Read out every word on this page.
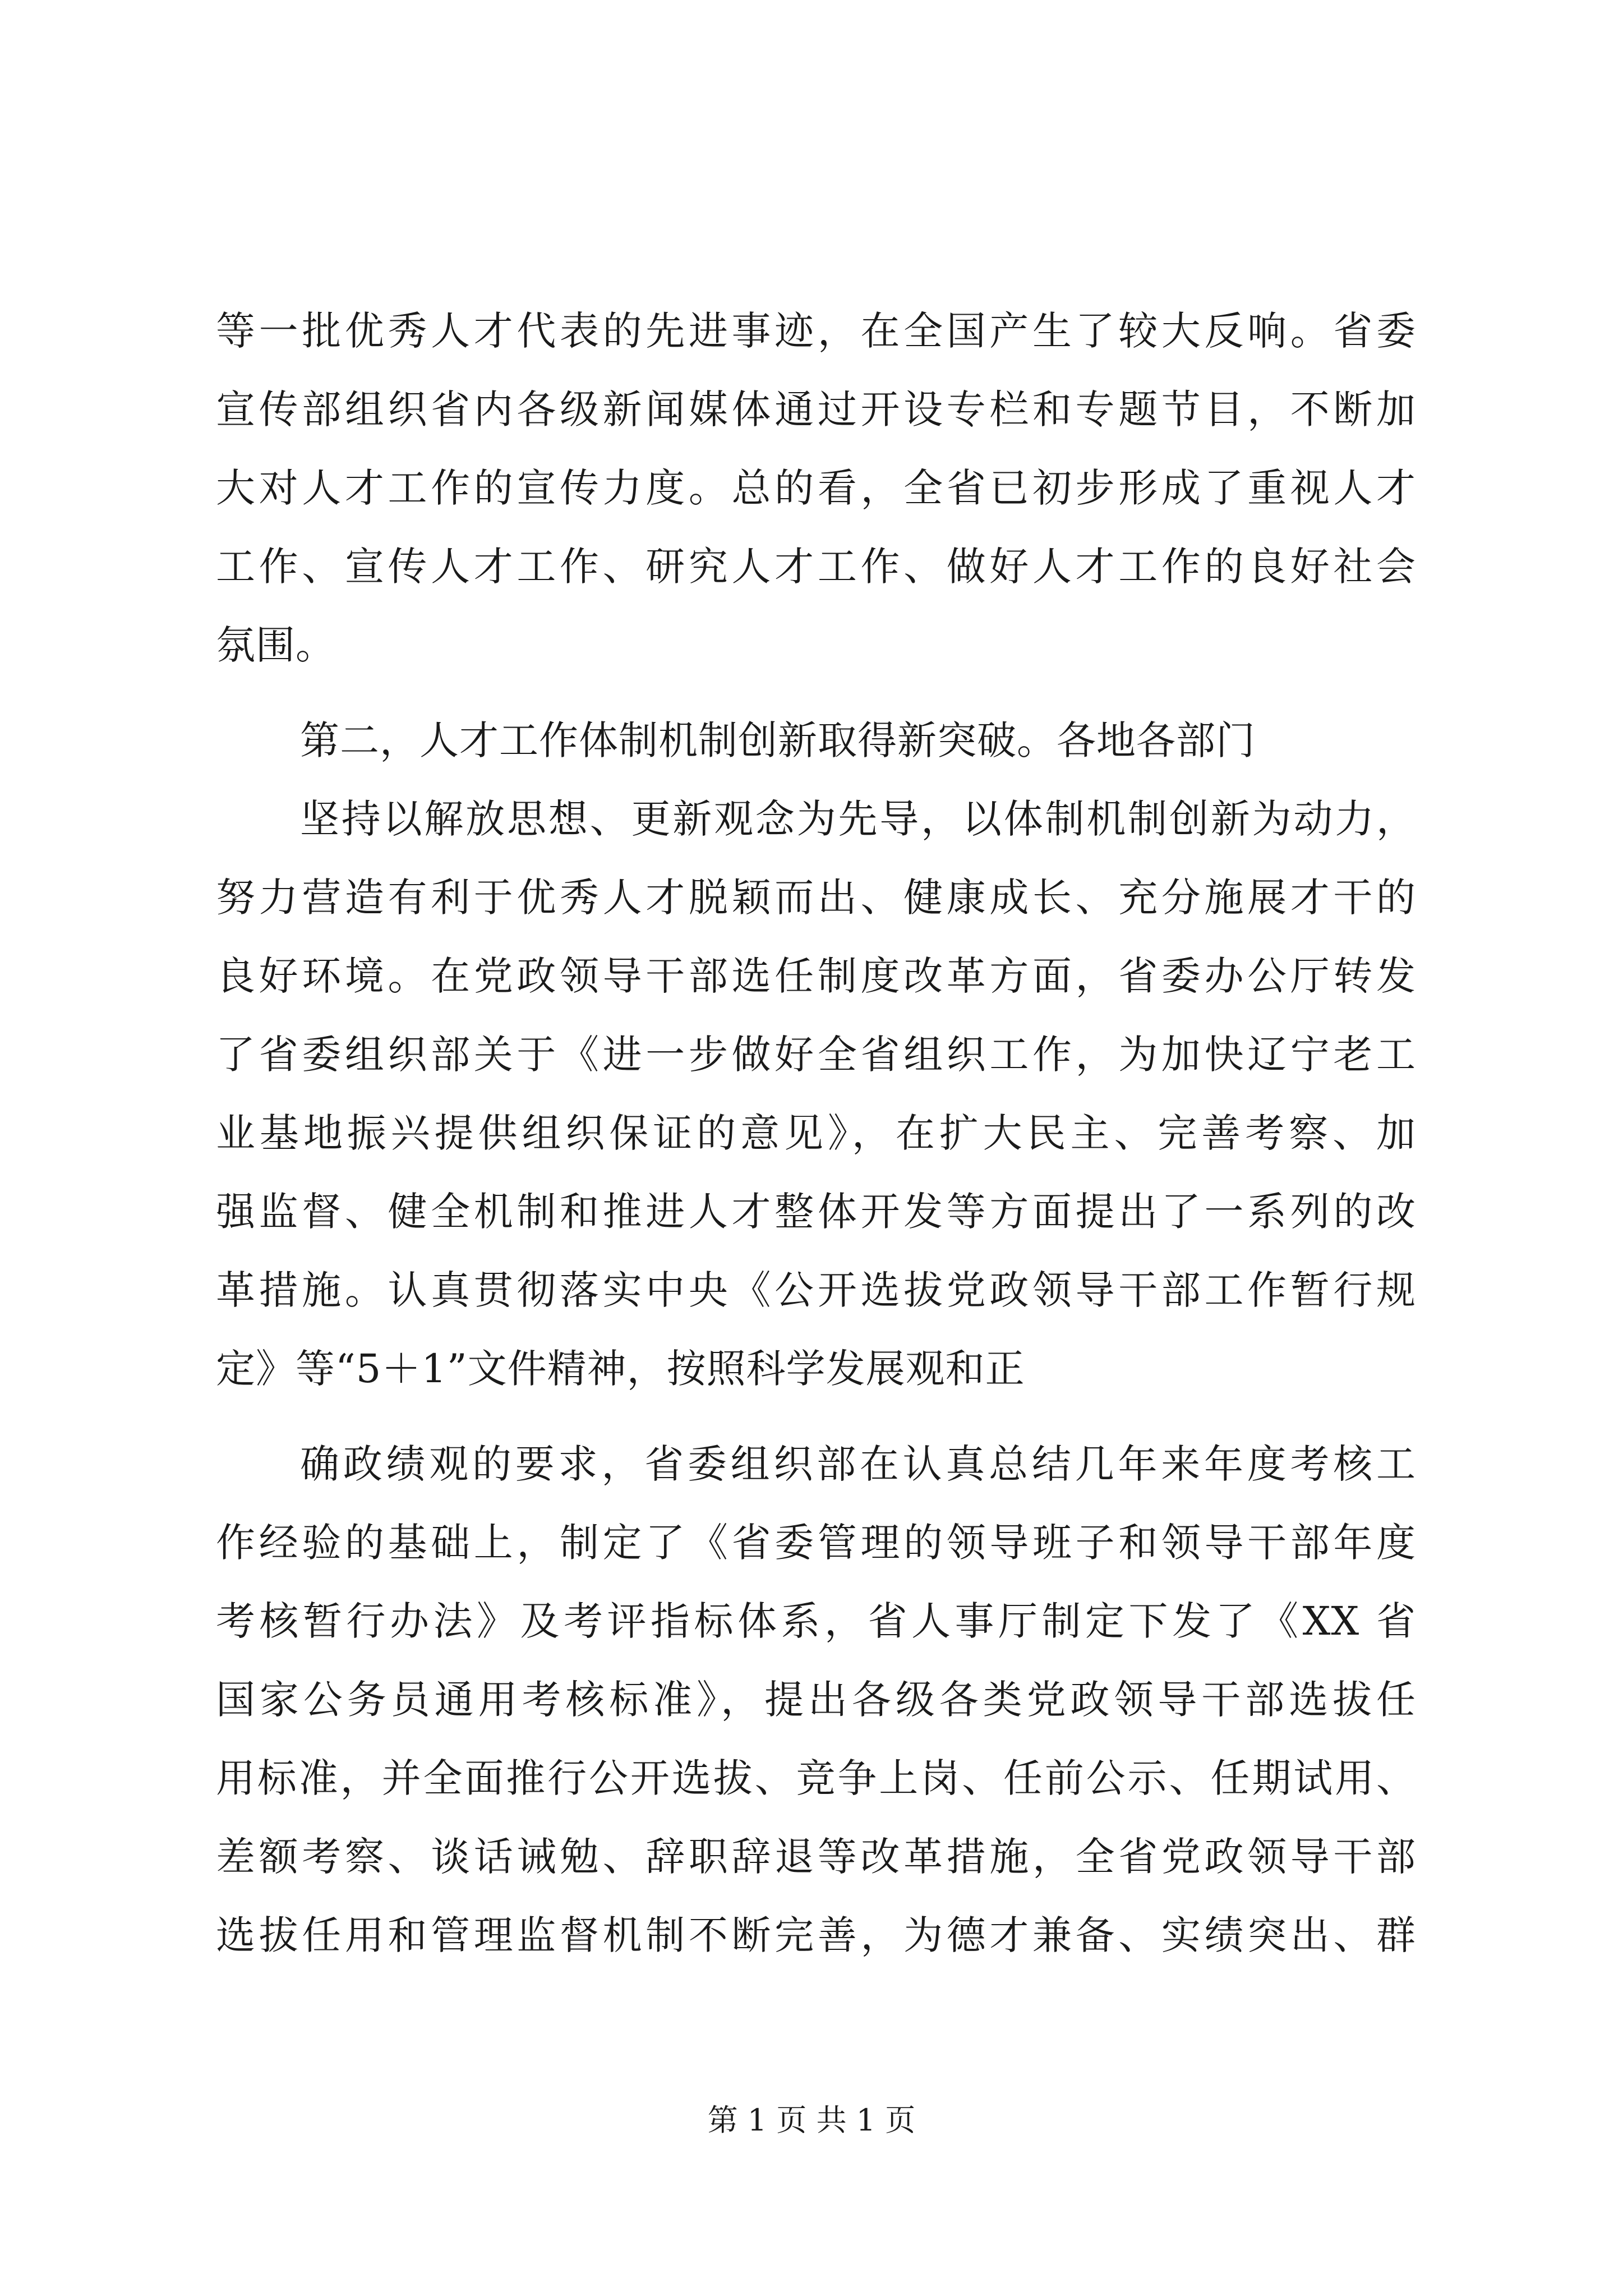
等一批优秀人才代表的先进事迹，在全国产生了较大反响。省委
宣传部组织省内各级新闻媒体通过开设专栏和专题节目，不断加
大对人才工作的宣传力度。总的看，全省已初步形成了重视人才
工作、宣传人才工作、研究人才工作、做好人才工作的良好社会
氛围。
第二，人才工作体制机制创新取得新突破。各地各部门
坚持以解放思想、更新观念为先导，以体制机制创新为动力，
努力营造有利于优秀人才脱颖而出、健康成长、充分施展才干的
良好环境。在党政领导干部选任制度改革方面，省委办公厅转发
了省委组织部关于《进一步做好全省组织工作，为加快辽宁老工
业基地振兴提供组织保证的意见》，在扩大民主、完善考察、加
强监督、健全机制和推进人才整体开发等方面提出了一系列的改
革措施。认真贯彻落实中央《公开选拔党政领导干部工作暂行规
定》等“5＋1”文件精神，按照科学发展观和正
确政绩观的要求，省委组织部在认真总结几年来年度考核工
作经验的基础上，制定了《省委管理的领导班子和领导干部年度
考核暂行办法》及考评指标体系，省人事厅制定下发了《XX 省
国家公务员通用考核标准》，提出各级各类党政领导干部选拔任
用标准，并全面推行公开选拔、竞争上岗、任前公示、任期试用、
差额考察、谈话诫勉、辞职辞退等改革措施，全省党政领导干部
选拔任用和管理监督机制不断完善，为德才兼备、实绩突出、群
第 1 页 共 1 页
